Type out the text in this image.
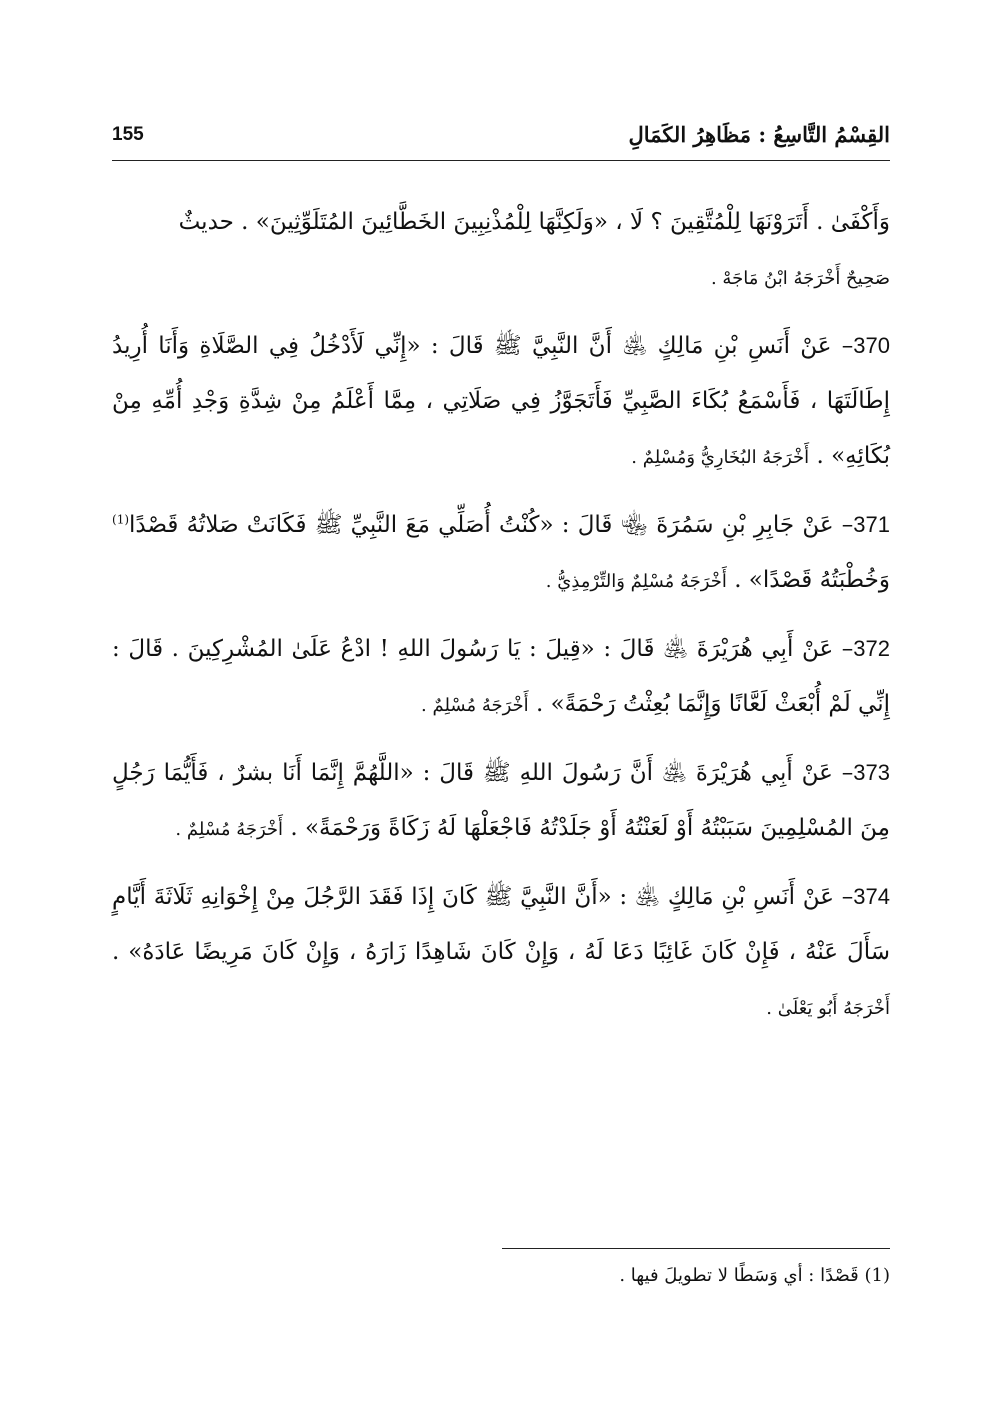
القِسْمُ التَّاسِعُ : مَظَاهِرُ الكَمَالِ
155

وَأَكْفَىٰ . أَتَرَوْنَهَا لِلْمُتَّقِينَ ؟ لَا ، «وَلَكِنَّهَا لِلْمُذْنِبِينَ الخَطَّائِينَ المُتَلَوِّثِينَ» . حديثٌ
صَحِيحٌ أَخْرَجَهُ ابْنُ مَاجَهْ .

370– عَنْ أَنَسِ بْنِ مَالِكٍ ﵁ أَنَّ النَّبِيَّ ﷺ قَالَ : «إِنِّي لَأَدْخُلُ فِي الصَّلَاةِ وَأَنَا أُرِيدُ إِطَالَتَهَا ، فَأَسْمَعُ بُكَاءَ الصَّبِيِّ فَأَتَجَوَّزُ فِي صَلَاتِي ، مِمَّا أَعْلَمُ مِنْ شِدَّةِ وَجْدِ أُمِّهِ مِنْ بُكَائِهِ» . أَخْرَجَهُ البُخَارِيُّ وَمُسْلِمٌ .

371– عَنْ جَابِرِ بْنِ سَمُرَةَ ﵄ قَالَ : «كُنْتُ أُصَلِّي مَعَ النَّبِيِّ ﷺ فَكَانَتْ صَلاتُهُ قَصْدًا$^{(1)}$ وَخُطْبَتُهُ قَصْدًا» . أَخْرَجَهُ مُسْلِمٌ وَالتِّرْمِذِيُّ .

372– عَنْ أَبِي هُرَيْرَةَ ﵁ قَالَ : «قِيلَ : يَا رَسُولَ اللهِ ! ادْعُ عَلَىٰ المُشْرِكِينَ . قَالَ : إِنِّي لَمْ أُبْعَثْ لَعَّانًا وَإِنَّمَا بُعِثْتُ رَحْمَةً» . أَخْرَجَهُ مُسْلِمٌ .

373– عَنْ أَبِي هُرَيْرَةَ ﵁ أَنَّ رَسُولَ اللهِ ﷺ قَالَ : «اللَّهُمَّ إِنَّمَا أَنَا بشرٌ ، فَأَيُّمَا رَجُلٍ مِنَ المُسْلِمِينَ سَبَبْتُهُ أَوْ لَعَنْتُهُ أَوْ جَلَدْتُهُ فَاجْعَلْهَا لَهُ زَكَاةً وَرَحْمَةً» . أَخْرَجَهُ مُسْلِمٌ .

374– عَنْ أَنَسِ بْنِ مَالِكٍ ﵁ : «أَنَّ النَّبِيَّ ﷺ كَانَ إِذَا فَقَدَ الرَّجُلَ مِنْ إِخْوَانِهِ ثَلَاثَةَ أَيَّامٍ سَأَلَ عَنْهُ ، فَإِنْ كَانَ غَائِبًا دَعَا لَهُ ، وَإِنْ كَانَ شَاهِدًا زَارَهُ ، وَإِنْ كَانَ مَرِيضًا عَادَهُ» . أَخْرَجَهُ أَبُو يَعْلَىٰ .

(1) قَصْدًا : أي وَسَطًا لا تطويلَ فيها .
